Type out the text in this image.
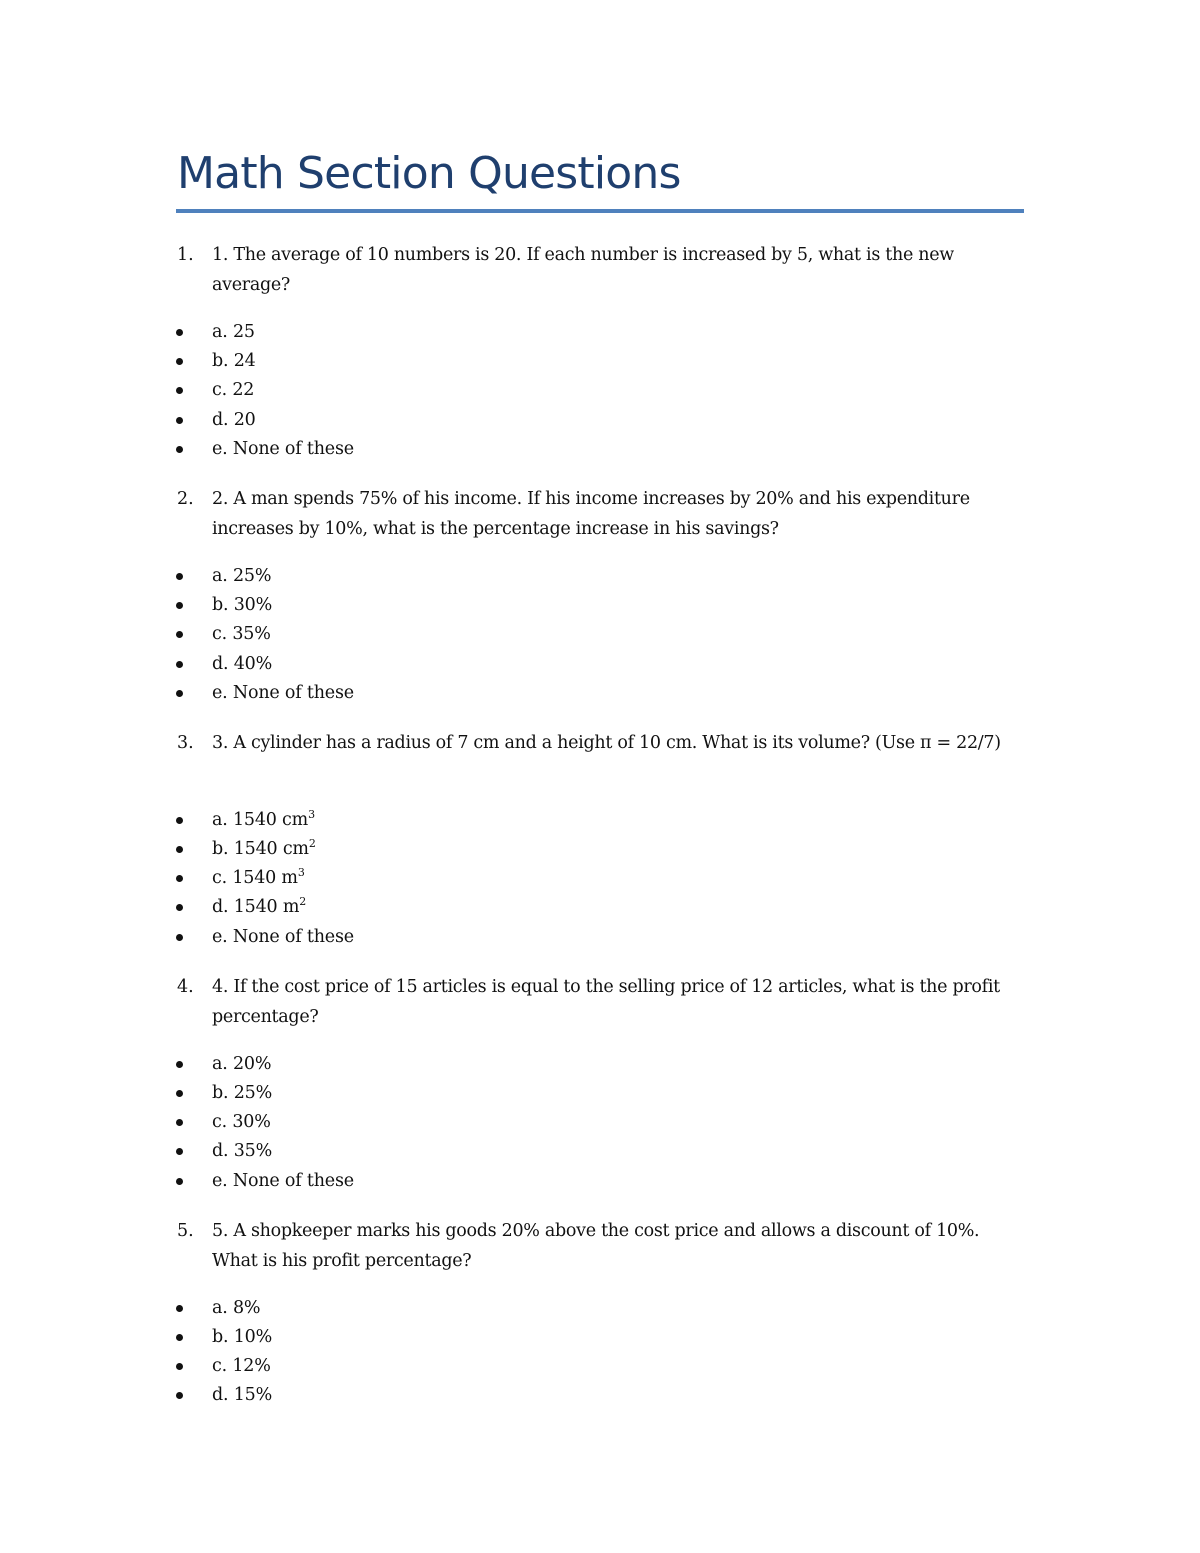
Math Section Questions
1. 1. The average of 10 numbers is 20. If each number is increased by 5, what is the new average?
a. 25
b. 24
c. 22
d. 20
e. None of these
2. 2. A man spends 75% of his income. If his income increases by 20% and his expenditure increases by 10%, what is the percentage increase in his savings?
a. 25%
b. 30%
c. 35%
d. 40%
e. None of these
3. 3. A cylinder has a radius of 7 cm and a height of 10 cm. What is its volume? (Use π = 22/7)
a. 1540 $cm^3$
b. 1540 $cm^2$
c. 1540 $m^3$
d. 1540 $m^2$
e. None of these
4. 4. If the cost price of 15 articles is equal to the selling price of 12 articles, what is the profit percentage?
a. 20%
b. 25%
c. 30%
d. 35%
e. None of these
5. 5. A shopkeeper marks his goods 20% above the cost price and allows a discount of 10%. What is his profit percentage?
a. 8%
b. 10%
c. 12%
d. 15%
